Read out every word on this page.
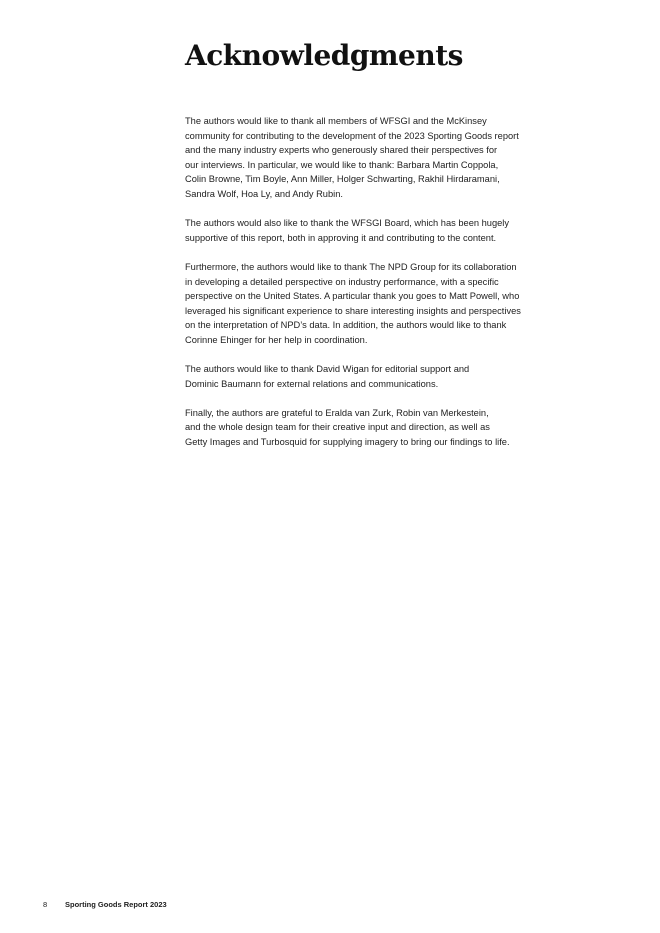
Acknowledgments

The authors would like to thank all members of WFSGI and the McKinsey
community for contributing to the development of the 2023 Sporting Goods report
and the many industry experts who generously shared their perspectives for
our interviews. In particular, we would like to thank: Barbara Martin Coppola,
Colin Browne, Tim Boyle, Ann Miller, Holger Schwarting, Rakhil Hirdaramani,
Sandra Wolf, Hoa Ly, and Andy Rubin.

The authors would also like to thank the WFSGI Board, which has been hugely
supportive of this report, both in approving it and contributing to the content.

Furthermore, the authors would like to thank The NPD Group for its collaboration
in developing a detailed perspective on industry performance, with a specific
perspective on the United States. A particular thank you goes to Matt Powell, who
leveraged his significant experience to share interesting insights and perspectives
on the interpretation of NPD’s data. In addition, the authors would like to thank
Corinne Ehinger for her help in coordination.

The authors would like to thank David Wigan for editorial support and
Dominic Baumann for external relations and communications.

Finally, the authors are grateful to Eralda van Zurk, Robin van Merkestein,
and the whole design team for their creative input and direction, as well as
Getty Images and Turbosquid for supplying imagery to bring our findings to life.

8 Sporting Goods Report 2023
